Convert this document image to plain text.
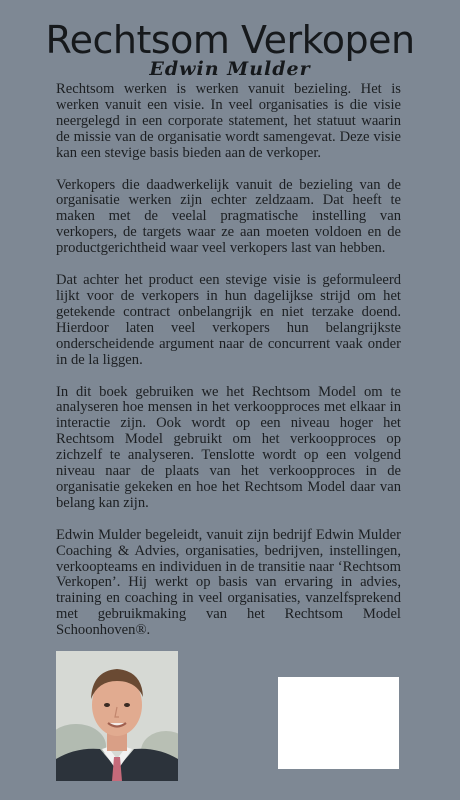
Rechtsom Verkopen
Edwin Mulder

Rechtsom werken is werken vanuit bezieling. Het is werken vanuit een visie. In veel organisaties is die visie neergelegd in een corporate statement, het statuut waarin de missie van de organisatie wordt samengevat. Deze visie kan een stevige basis bieden aan de verkoper.

Verkopers die daadwerkelijk vanuit de bezieling van de organisatie werken zijn echter zeldzaam. Dat heeft te maken met de veelal pragmatische instelling van verkopers, de targets waar ze aan moeten voldoen en de productgerichtheid waar veel verkopers last van hebben.

Dat achter het product een stevige visie is geformuleerd lijkt voor de verkopers in hun dagelijkse strijd om het getekende contract onbelangrijk en niet terzake doend. Hierdoor laten veel verkopers hun belangrijkste onderscheidende argument naar de concurrent vaak onder in de la liggen.

In dit boek gebruiken we het Rechtsom Model om te analyseren hoe mensen in het verkoopproces met elkaar in interactie zijn. Ook wordt op een niveau hoger het Rechtsom Model gebruikt om het verkoopproces op zichzelf te analyseren. Tenslotte wordt op een volgend niveau naar de plaats van het verkoopproces in de organisatie gekeken en hoe het Rechtsom Model daar van belang kan zijn.

Edwin Mulder begeleidt, vanuit zijn bedrijf Edwin Mulder Coaching & Advies, organisaties, bedrijven, instellingen, verkoopteams en individuen in de transitie naar ‘Rechtsom Verkopen’. Hij werkt op basis van ervaring in advies, training en coaching in veel organisaties, vanzelfsprekend met gebruikmaking van het Rechtsom Model Schoonhoven®.
